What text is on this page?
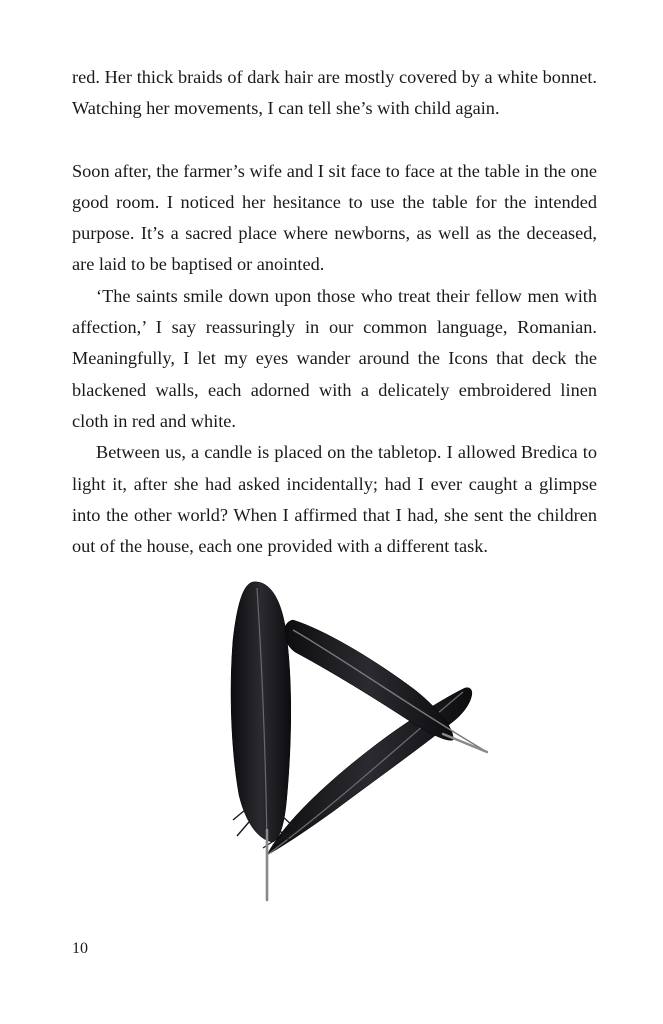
red. Her thick braids of dark hair are mostly covered by a white bonnet. Watching her movements, I can tell she’s with child again.

Soon after, the farmer’s wife and I sit face to face at the table in the one good room. I noticed her hesitance to use the table for the intended purpose. It’s a sacred place where newborns, as well as the deceased, are laid to be baptised or anointed.

‘The saints smile down upon those who treat their fellow men with affection,’ I say reassuringly in our common language, Romanian. Meaningfully, I let my eyes wander around the Icons that deck the blackened walls, each adorned with a delicately embroidered linen cloth in red and white.

Between us, a candle is placed on the tabletop. I allowed Bredica to light it, after she had asked incidentally; had I ever caught a glimpse into the other world? When I affirmed that I had, she sent the children out of the house, each one provided with a different task.

10
